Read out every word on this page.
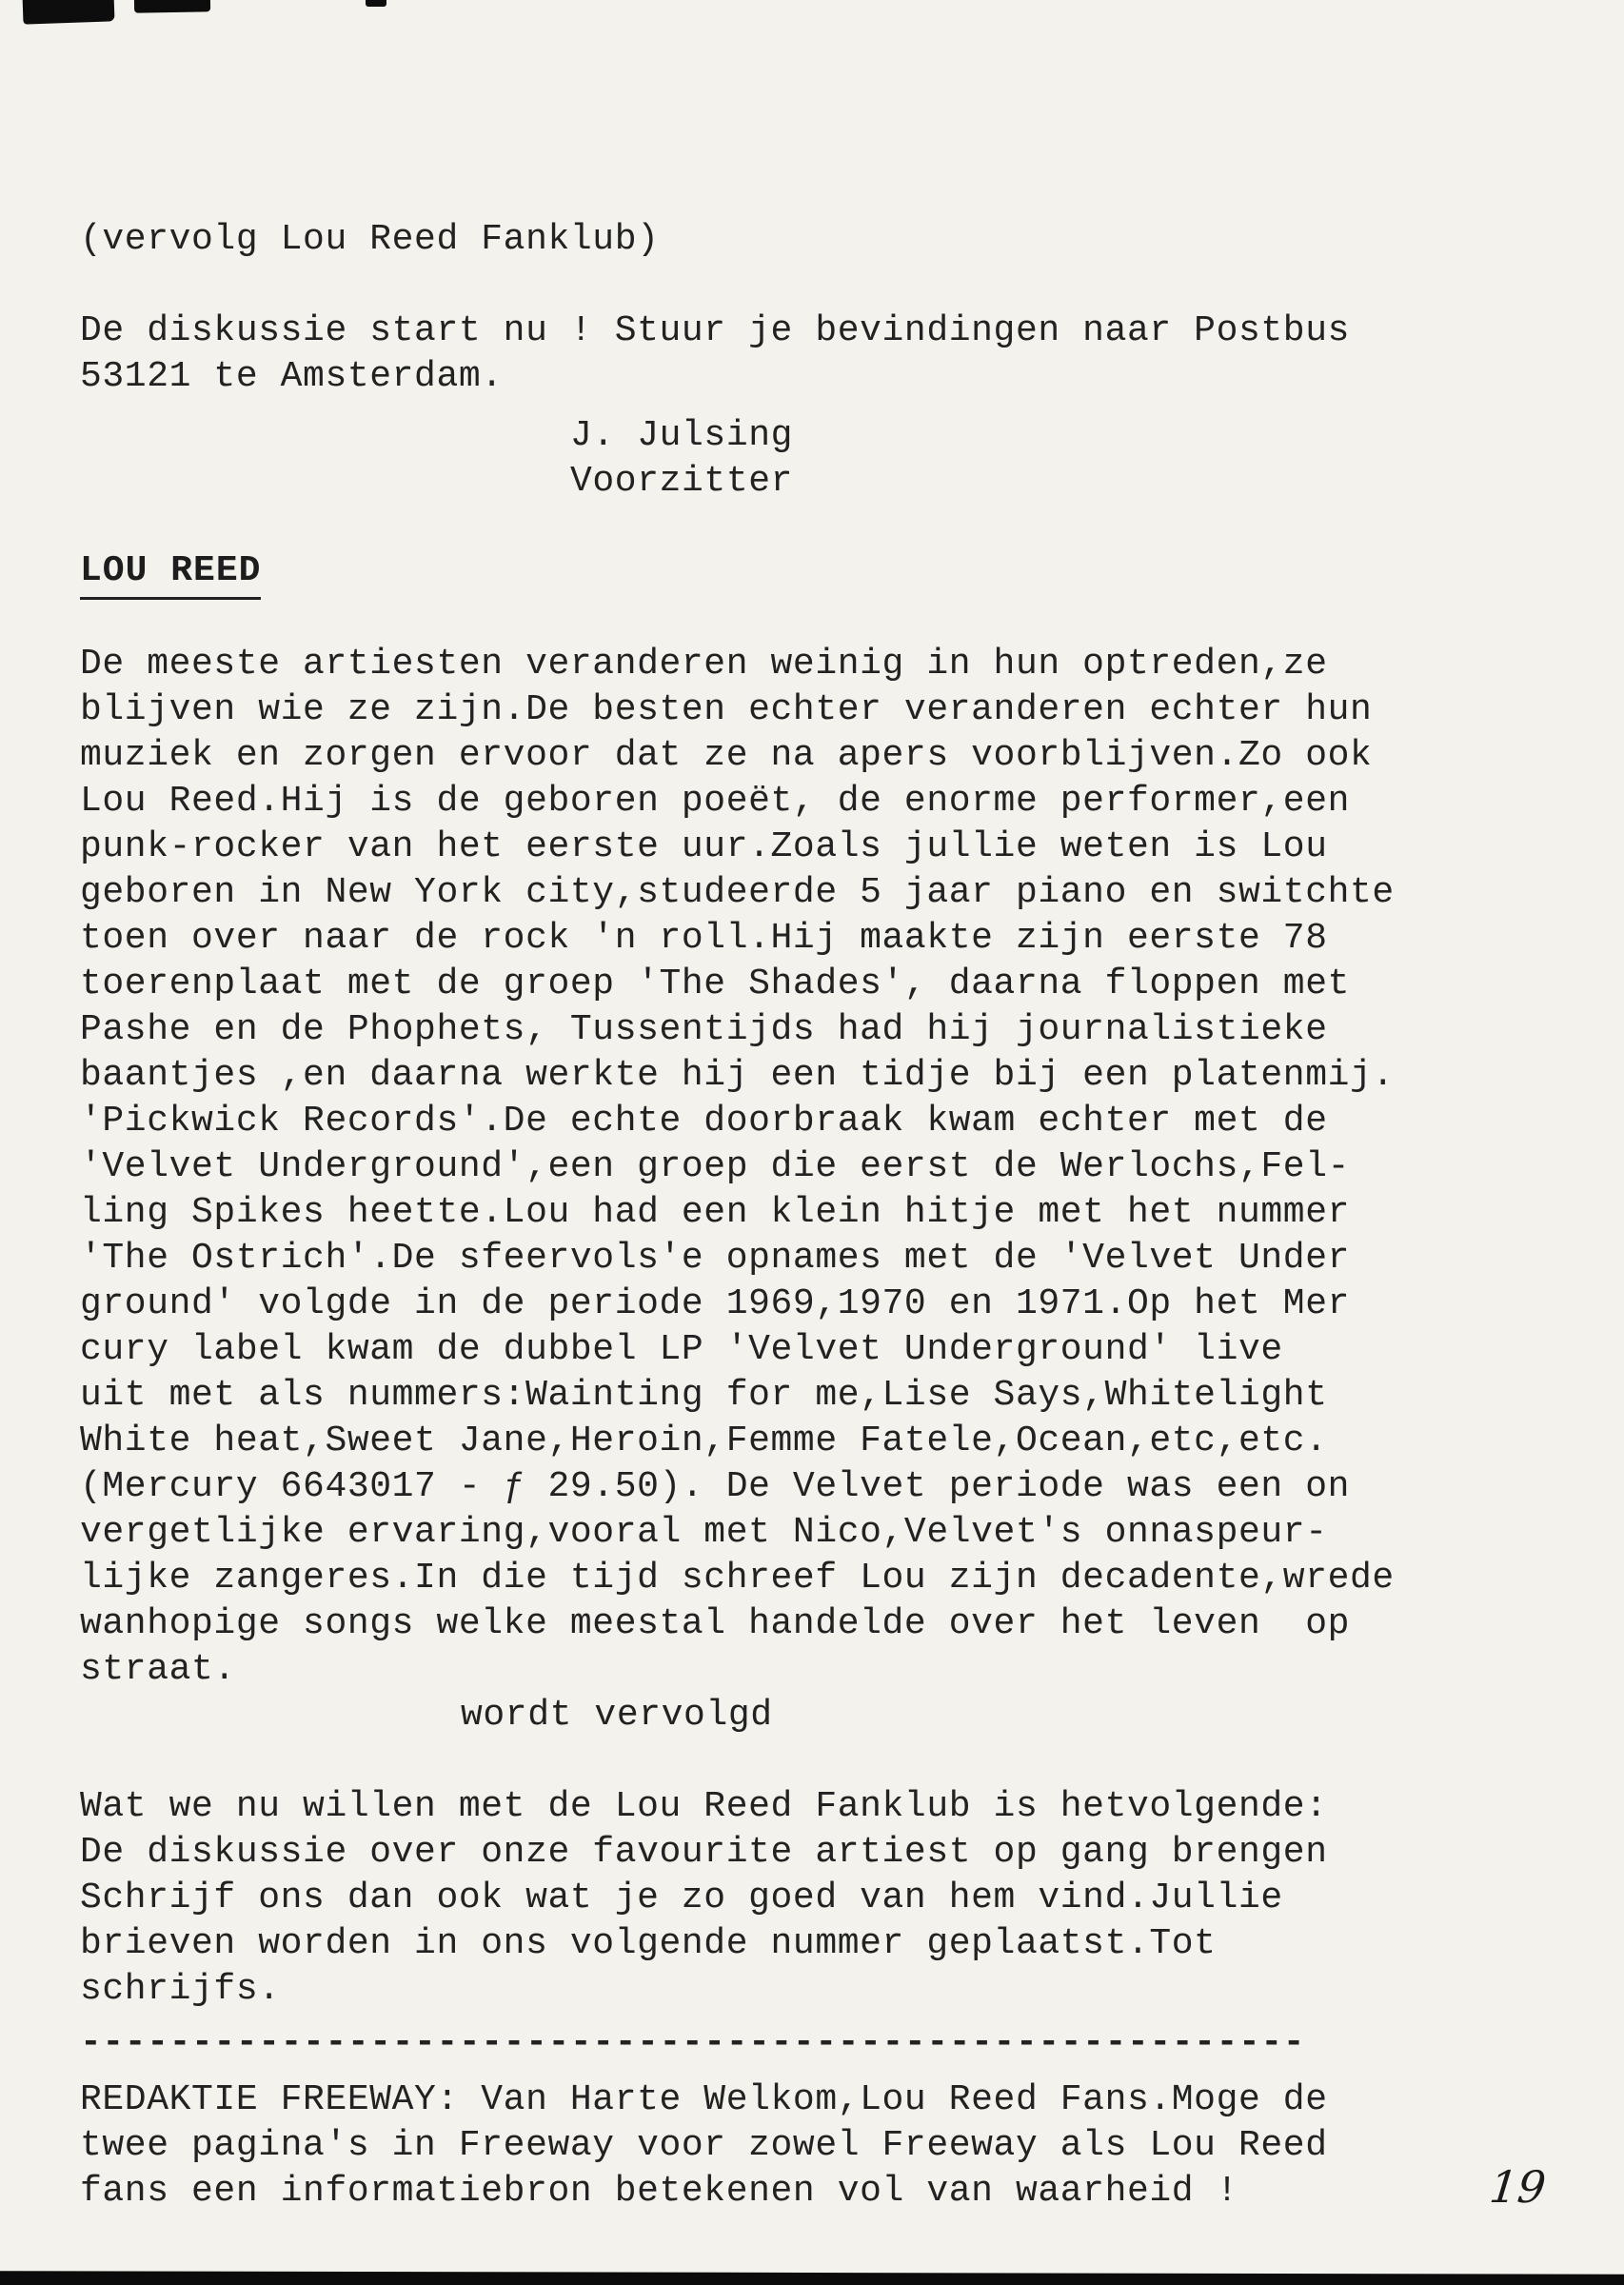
(vervolg Lou Reed Fanklub)
De diskussie start nu ! Stuur je bevindingen naar Postbus
53121 te Amsterdam.
J. Julsing
Voorzitter
LOU REED
De meeste artiesten veranderen weinig in hun optreden,ze
blijven wie ze zijn.De besten echter veranderen echter hun
muziek en zorgen ervoor dat ze na apers voorblijven.Zo ook
Lou Reed.Hij is de geboren poeët, de enorme performer,een
punk-rocker van het eerste uur.Zoals jullie weten is Lou
geboren in New York city,studeerde 5 jaar piano en switchte
toen over naar de rock 'n roll.Hij maakte zijn eerste 78
toerenplaat met de groep 'The Shades', daarna floppen met
Pashe en de Phophets, Tussentijds had hij journalistieke
baantjes ,en daarna werkte hij een tidje bij een platenmij.
'Pickwick Records'.De echte doorbraak kwam echter met de
'Velvet Underground',een groep die eerst de Werlochs,Fel-
ling Spikes heette.Lou had een klein hitje met het nummer
'The Ostrich'.De sfeervols'e opnames met de 'Velvet Under
ground' volgde in de periode 1969,1970 en 1971.Op het Mer
cury label kwam de dubbel LP 'Velvet Underground' live
uit met als nummers:Wainting for me,Lise Says,Whitelight
White heat,Sweet Jane,Heroin,Femme Fatele,Ocean,etc,etc.
(Mercury 6643017 - ƒ 29.50). De Velvet periode was een on
vergetlijke ervaring,vooral met Nico,Velvet's onnaspeur-
lijke zangeres.In die tijd schreef Lou zijn decadente,wrede
wanhopige songs welke meestal handelde over het leven  op
straat.
wordt vervolgd
Wat we nu willen met de Lou Reed Fanklub is hetvolgende:
De diskussie over onze favourite artiest op gang brengen
Schrijf ons dan ook wat je zo goed van hem vind.Jullie
brieven worden in ons volgende nummer geplaatst.Tot
schrijfs.
-------------------------------------------------------
REDAKTIE FREEWAY: Van Harte Welkom,Lou Reed Fans.Moge de
twee pagina's in Freeway voor zowel Freeway als Lou Reed
fans een informatiebron betekenen vol van waarheid !	19
